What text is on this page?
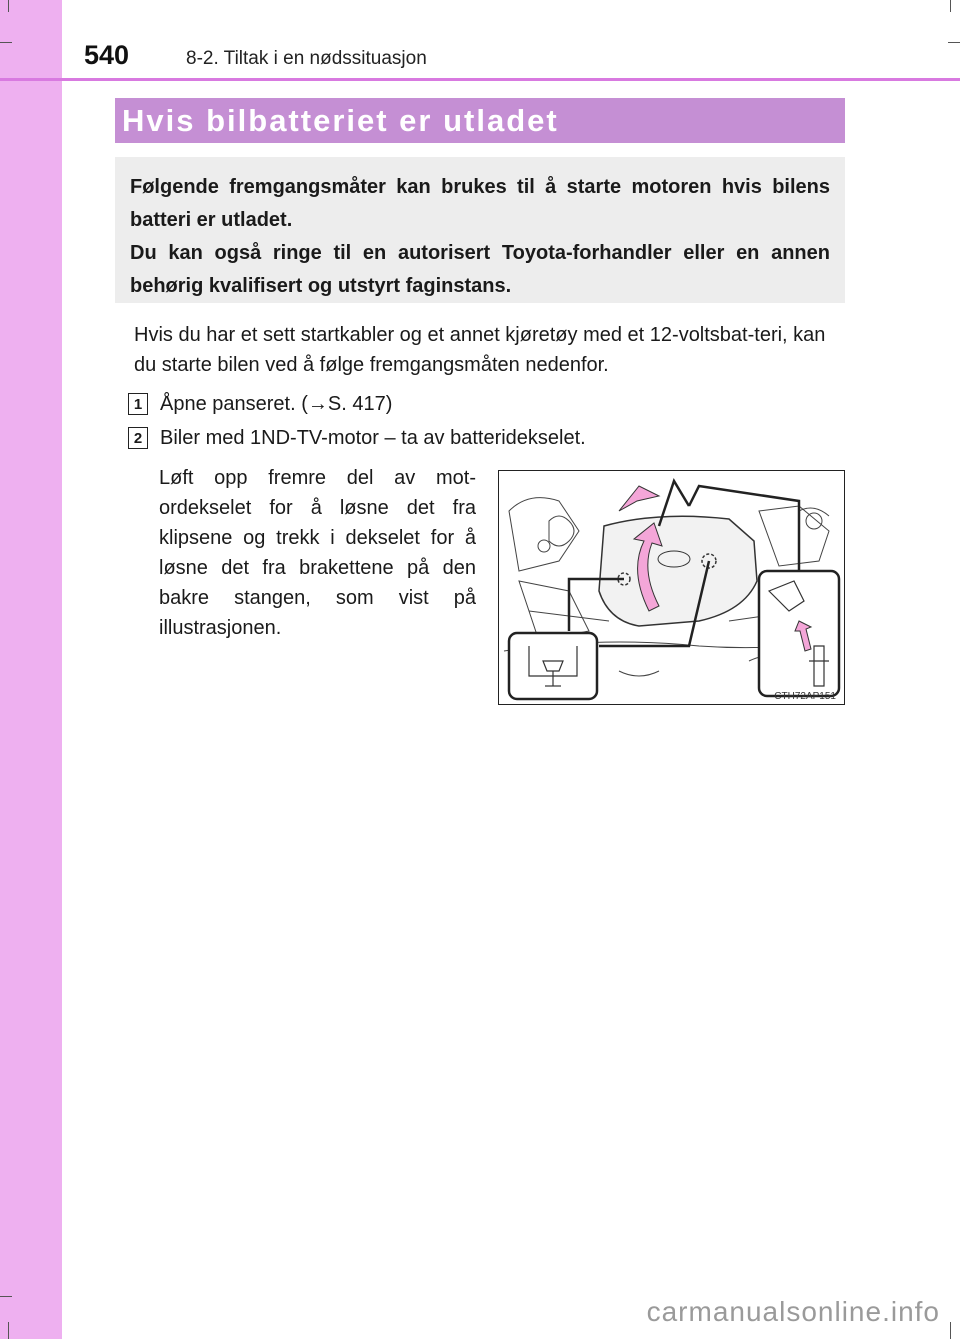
540	8-2. Tiltak i en nødssituasjon
Hvis bilbatteriet er utladet

Følgende fremgangsmåter kan brukes til å starte motoren hvis bilens batteri er utladet.

Du kan også ringe til en autorisert Toyota-forhandler eller en annen behørig kvalifisert og utstyrt faginstans.

Hvis du har et sett startkabler og et annet kjøretøy med et 12-voltsbat-teri, kan du starte bilen ved å følge fremgangsmåten nedenfor.

1 Åpne panseret. (→S. 417)
2 Biler med 1ND-TV-motor – ta av batteridekselet.

Løft opp fremre del av mot-ordekselet for å løsne det fra klipsene og trekk i dekselet for å løsne det fra brakettene på den bakre stangen, som vist på illustrasjonen.

CTH72AP151
carmanualsonline.info
